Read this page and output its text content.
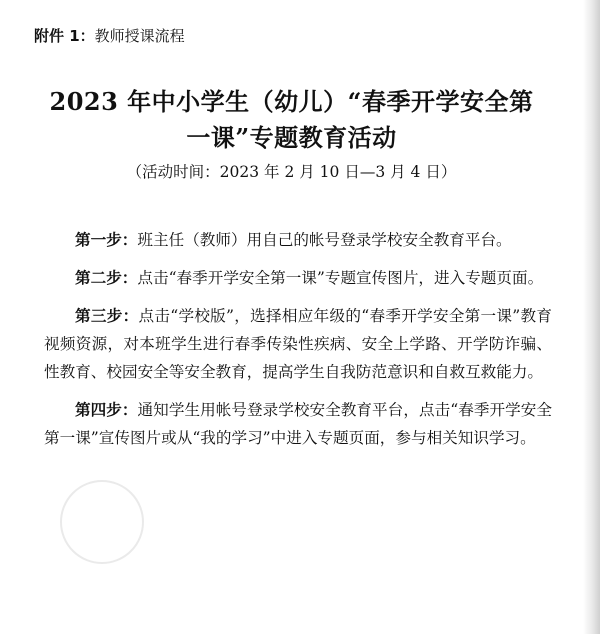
附件 1：教师授课流程
2023 年中小学生（幼儿）“春季开学安全第
一课”专题教育活动
（活动时间：2023 年 2 月 10 日—3 月 4 日）

第一步：班主任（教师）用自己的帐号登录学校安全教育平台。

第二步：点击“春季开学安全第一课”专题宣传图片，进入专题页面。

第三步：点击“学校版”，选择相应年级的“春季开学安全第一课”教育视频资源，对本班学生进行春季传染性疾病、安全上学路、开学防诈骗、性教育、校园安全等安全教育，提高学生自我防范意识和自救互救能力。

第四步：通知学生用帐号登录学校安全教育平台，点击“春季开学安全第一课”宣传图片或从“我的学习”中进入专题页面，参与相关知识学习。
